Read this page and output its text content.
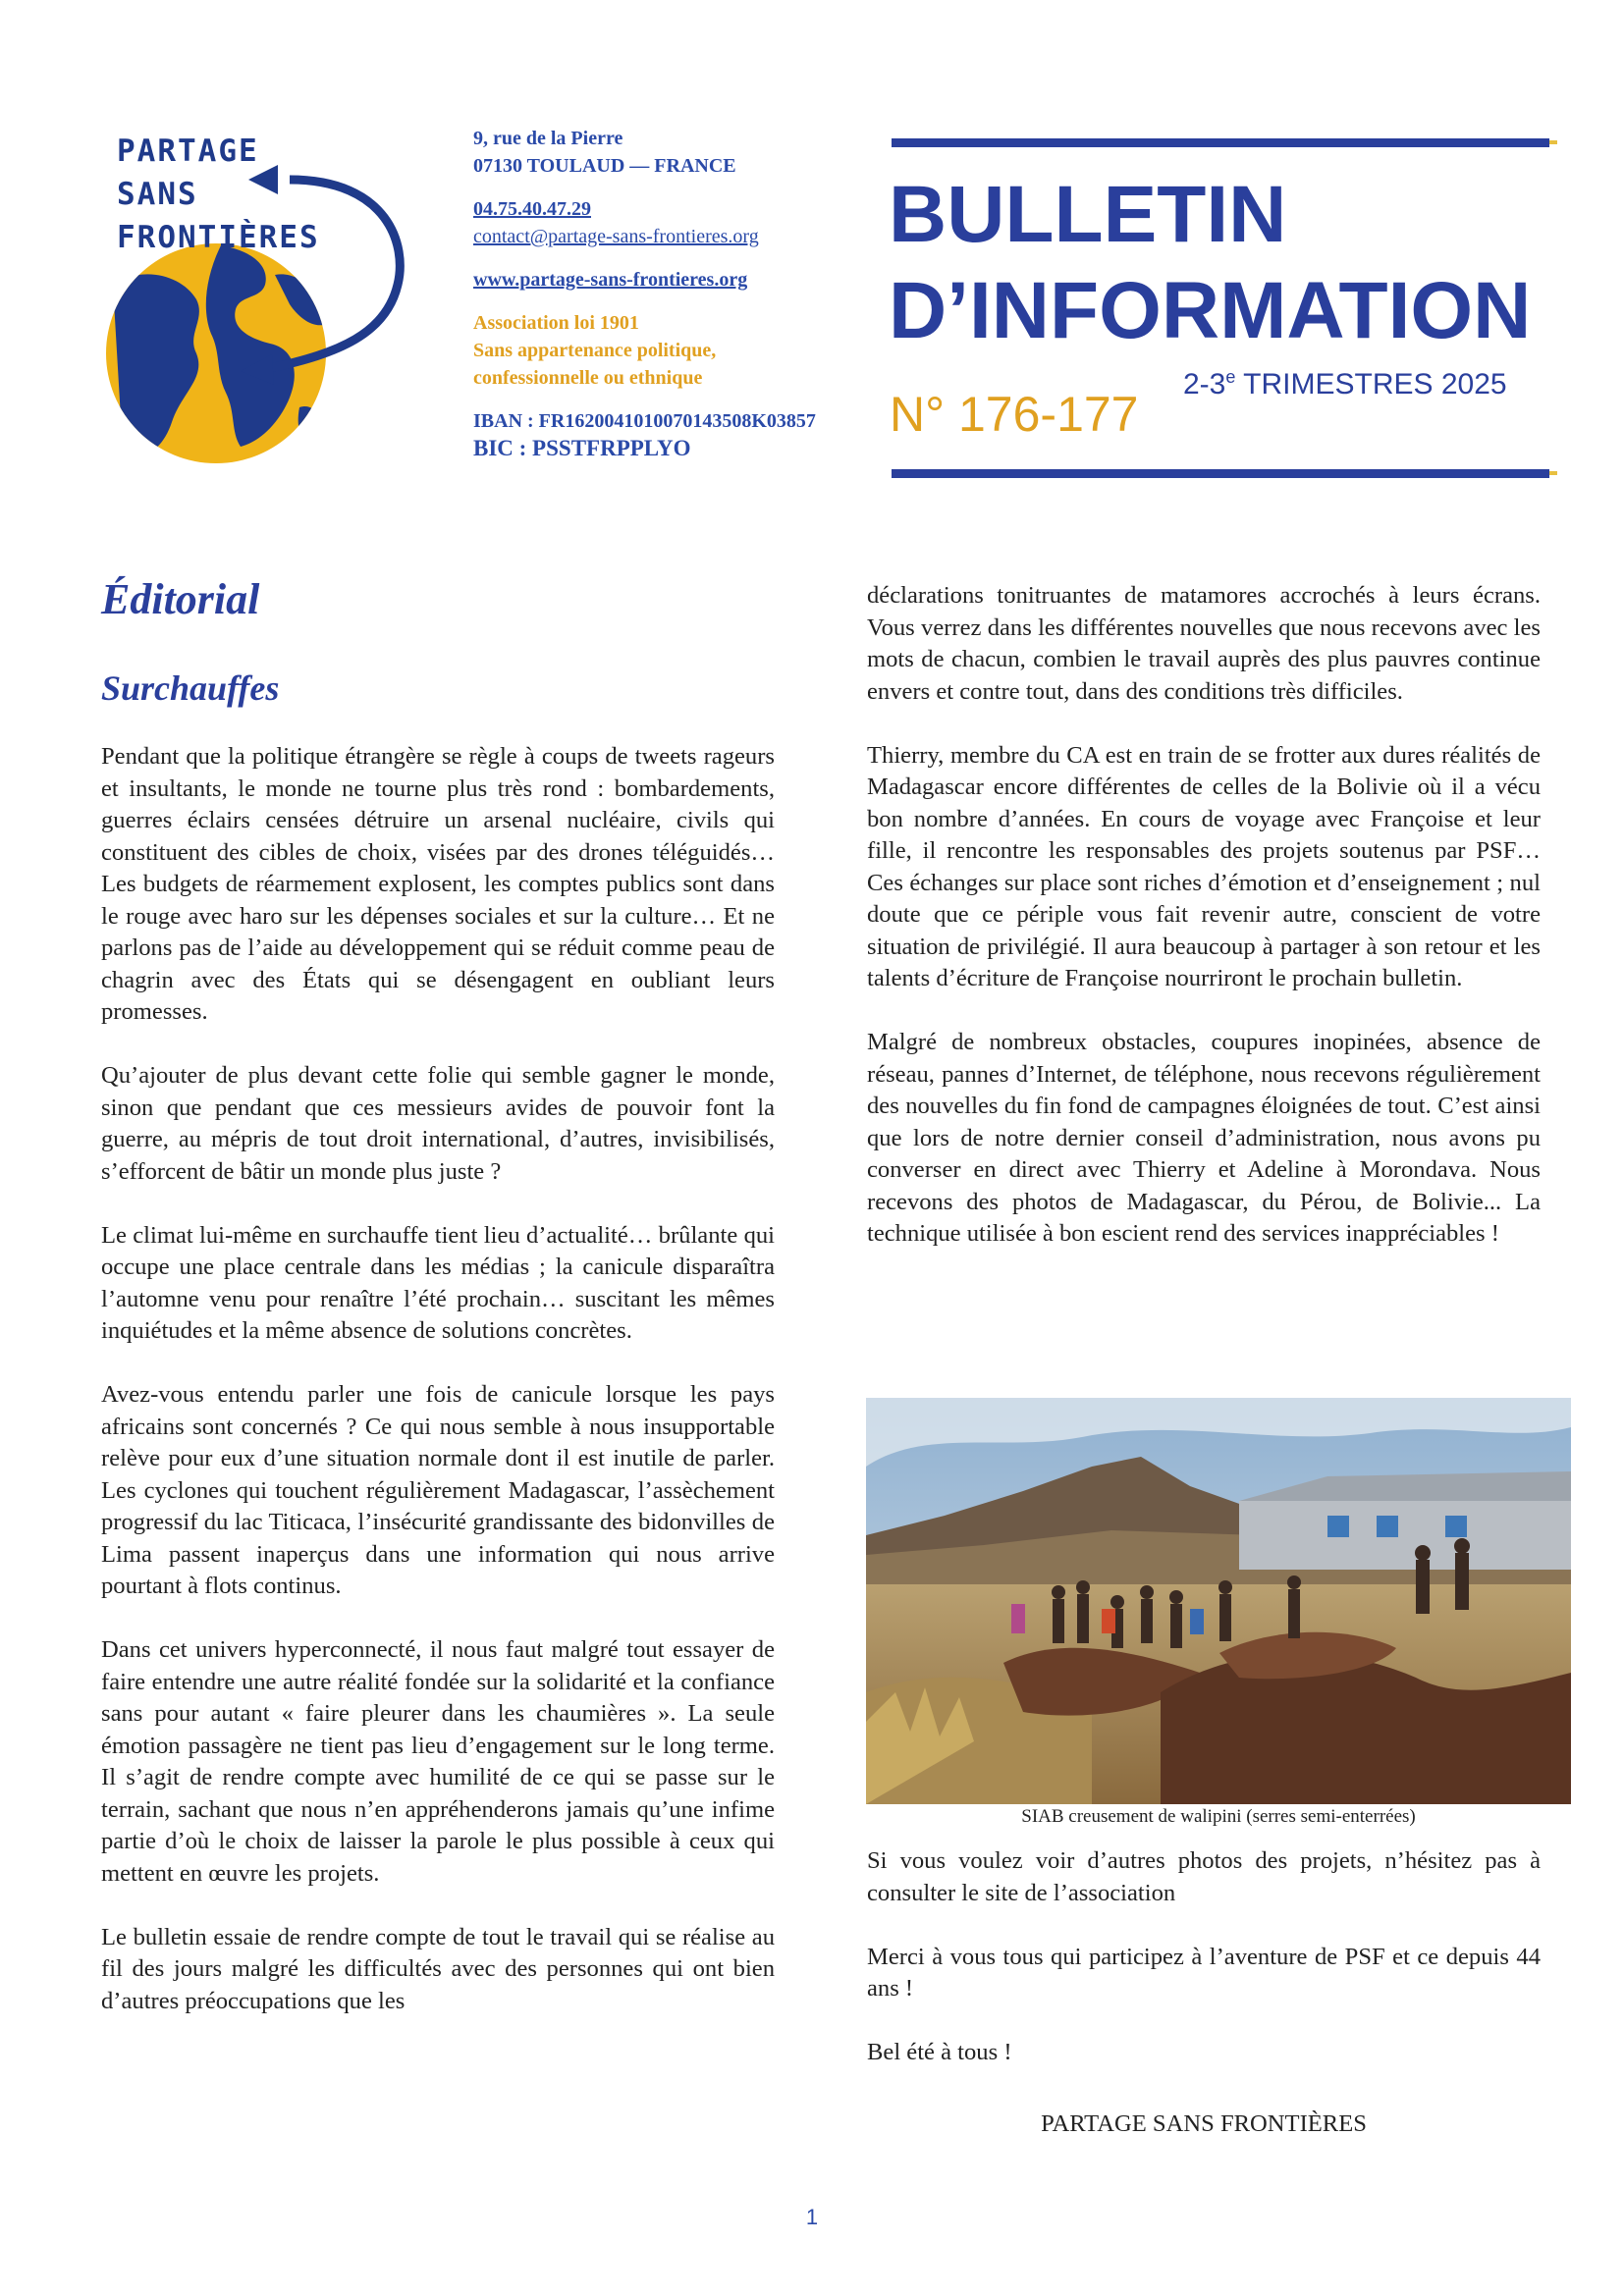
PARTAGE
SANS
FRONTIÈRES
9, rue de la Pierre
07130 TOULAUD — FRANCE
04.75.40.47.29
contact@partage-sans-frontieres.org
www.partage-sans-frontieres.org
Association loi 1901
Sans appartenance politique,
confessionnelle ou ethnique
IBAN : FR1620041010070143508K03857
BIC : PSSTFRPPLYO
BULLETIN
D’INFORMATION
2-3e TRIMESTRES 2025
N° 176-177
Éditorial
Surchauffes

Pendant que la politique étrangère se règle à coups de tweets rageurs et insultants, le monde ne tourne plus très rond : bombardements, guerres éclairs censées détruire un arsenal nucléaire, civils qui constituent des cibles de choix, visées par des drones téléguidés… Les budgets de réarmement explosent, les comptes publics sont dans le rouge avec haro sur les dépenses sociales et sur la culture… Et ne parlons pas de l’aide au développement qui se réduit comme peau de chagrin avec des États qui se désengagent en oubliant leurs promesses.

Qu’ajouter de plus devant cette folie qui semble gagner le monde, sinon que pendant que ces messieurs avides de pouvoir font la guerre, au mépris de tout droit international, d’autres, invisibilisés, s’efforcent de bâtir un monde plus juste ?

Le climat lui-même en surchauffe tient lieu d’actualité… brûlante qui occupe une place centrale dans les médias ; la canicule disparaîtra l’automne venu pour renaître l’été prochain… suscitant les mêmes inquiétudes et la même absence de solutions concrètes.

Avez-vous entendu parler une fois de canicule lorsque les pays africains sont concernés ? Ce qui nous semble à nous insupportable relève pour eux d’une situation normale dont il est inutile de parler. Les cyclones qui touchent régulièrement Madagascar, l’assèchement progressif du lac Titicaca, l’insécurité grandissante des bidonvilles de Lima passent inaperçus dans une information qui nous arrive pourtant à flots continus.

Dans cet univers hyperconnecté, il nous faut malgré tout essayer de faire entendre une autre réalité fondée sur la solidarité et la confiance sans pour autant « faire pleurer dans les chaumières ». La seule émotion passagère ne tient pas lieu d’engagement sur le long terme. Il s’agit de rendre compte avec humilité de ce qui se passe sur le terrain, sachant que nous n’en appréhenderons jamais qu’une infime partie d’où le choix de laisser la parole le plus possible à ceux qui mettent en œuvre les projets.

Le bulletin essaie de rendre compte de tout le travail qui se réalise au fil des jours malgré les difficultés avec des personnes qui ont bien d’autres préoccupations que les

déclarations tonitruantes de matamores accrochés à leurs écrans. Vous verrez dans les différentes nouvelles que nous recevons avec les mots de chacun, combien le travail auprès des plus pauvres continue envers et contre tout, dans des conditions très difficiles.

Thierry, membre du CA est en train de se frotter aux dures réalités de Madagascar encore différentes de celles de la Bolivie où il a vécu bon nombre d’années. En cours de voyage avec Françoise et leur fille, il rencontre les responsables des projets soutenus par PSF… Ces échanges sur place sont riches d’émotion et d’enseignement ; nul doute que ce périple vous fait revenir autre, conscient de votre situation de privilégié. Il aura beaucoup à partager à son retour et les talents d’écriture de Françoise nourriront le prochain bulletin.

Malgré de nombreux obstacles, coupures inopinées, absence de réseau, pannes d’Internet, de téléphone, nous recevons régulièrement des nouvelles du fin fond de campagnes éloignées de tout. C’est ainsi que lors de notre dernier conseil d’administration, nous avons pu converser en direct avec Thierry et Adeline à Morondava. Nous recevons des photos de Madagascar, du Pérou, de Bolivie... La technique utilisée à bon escient rend des services inappréciables !

SIAB creusement de walipini (serres semi-enterrées)

Si vous voulez voir d’autres photos des projets, n’hésitez pas à consulter le site de l’association

Merci à vous tous qui participez à l’aventure de PSF et ce depuis 44 ans !

Bel été à tous !

PARTAGE SANS FRONTIÈRES
1
